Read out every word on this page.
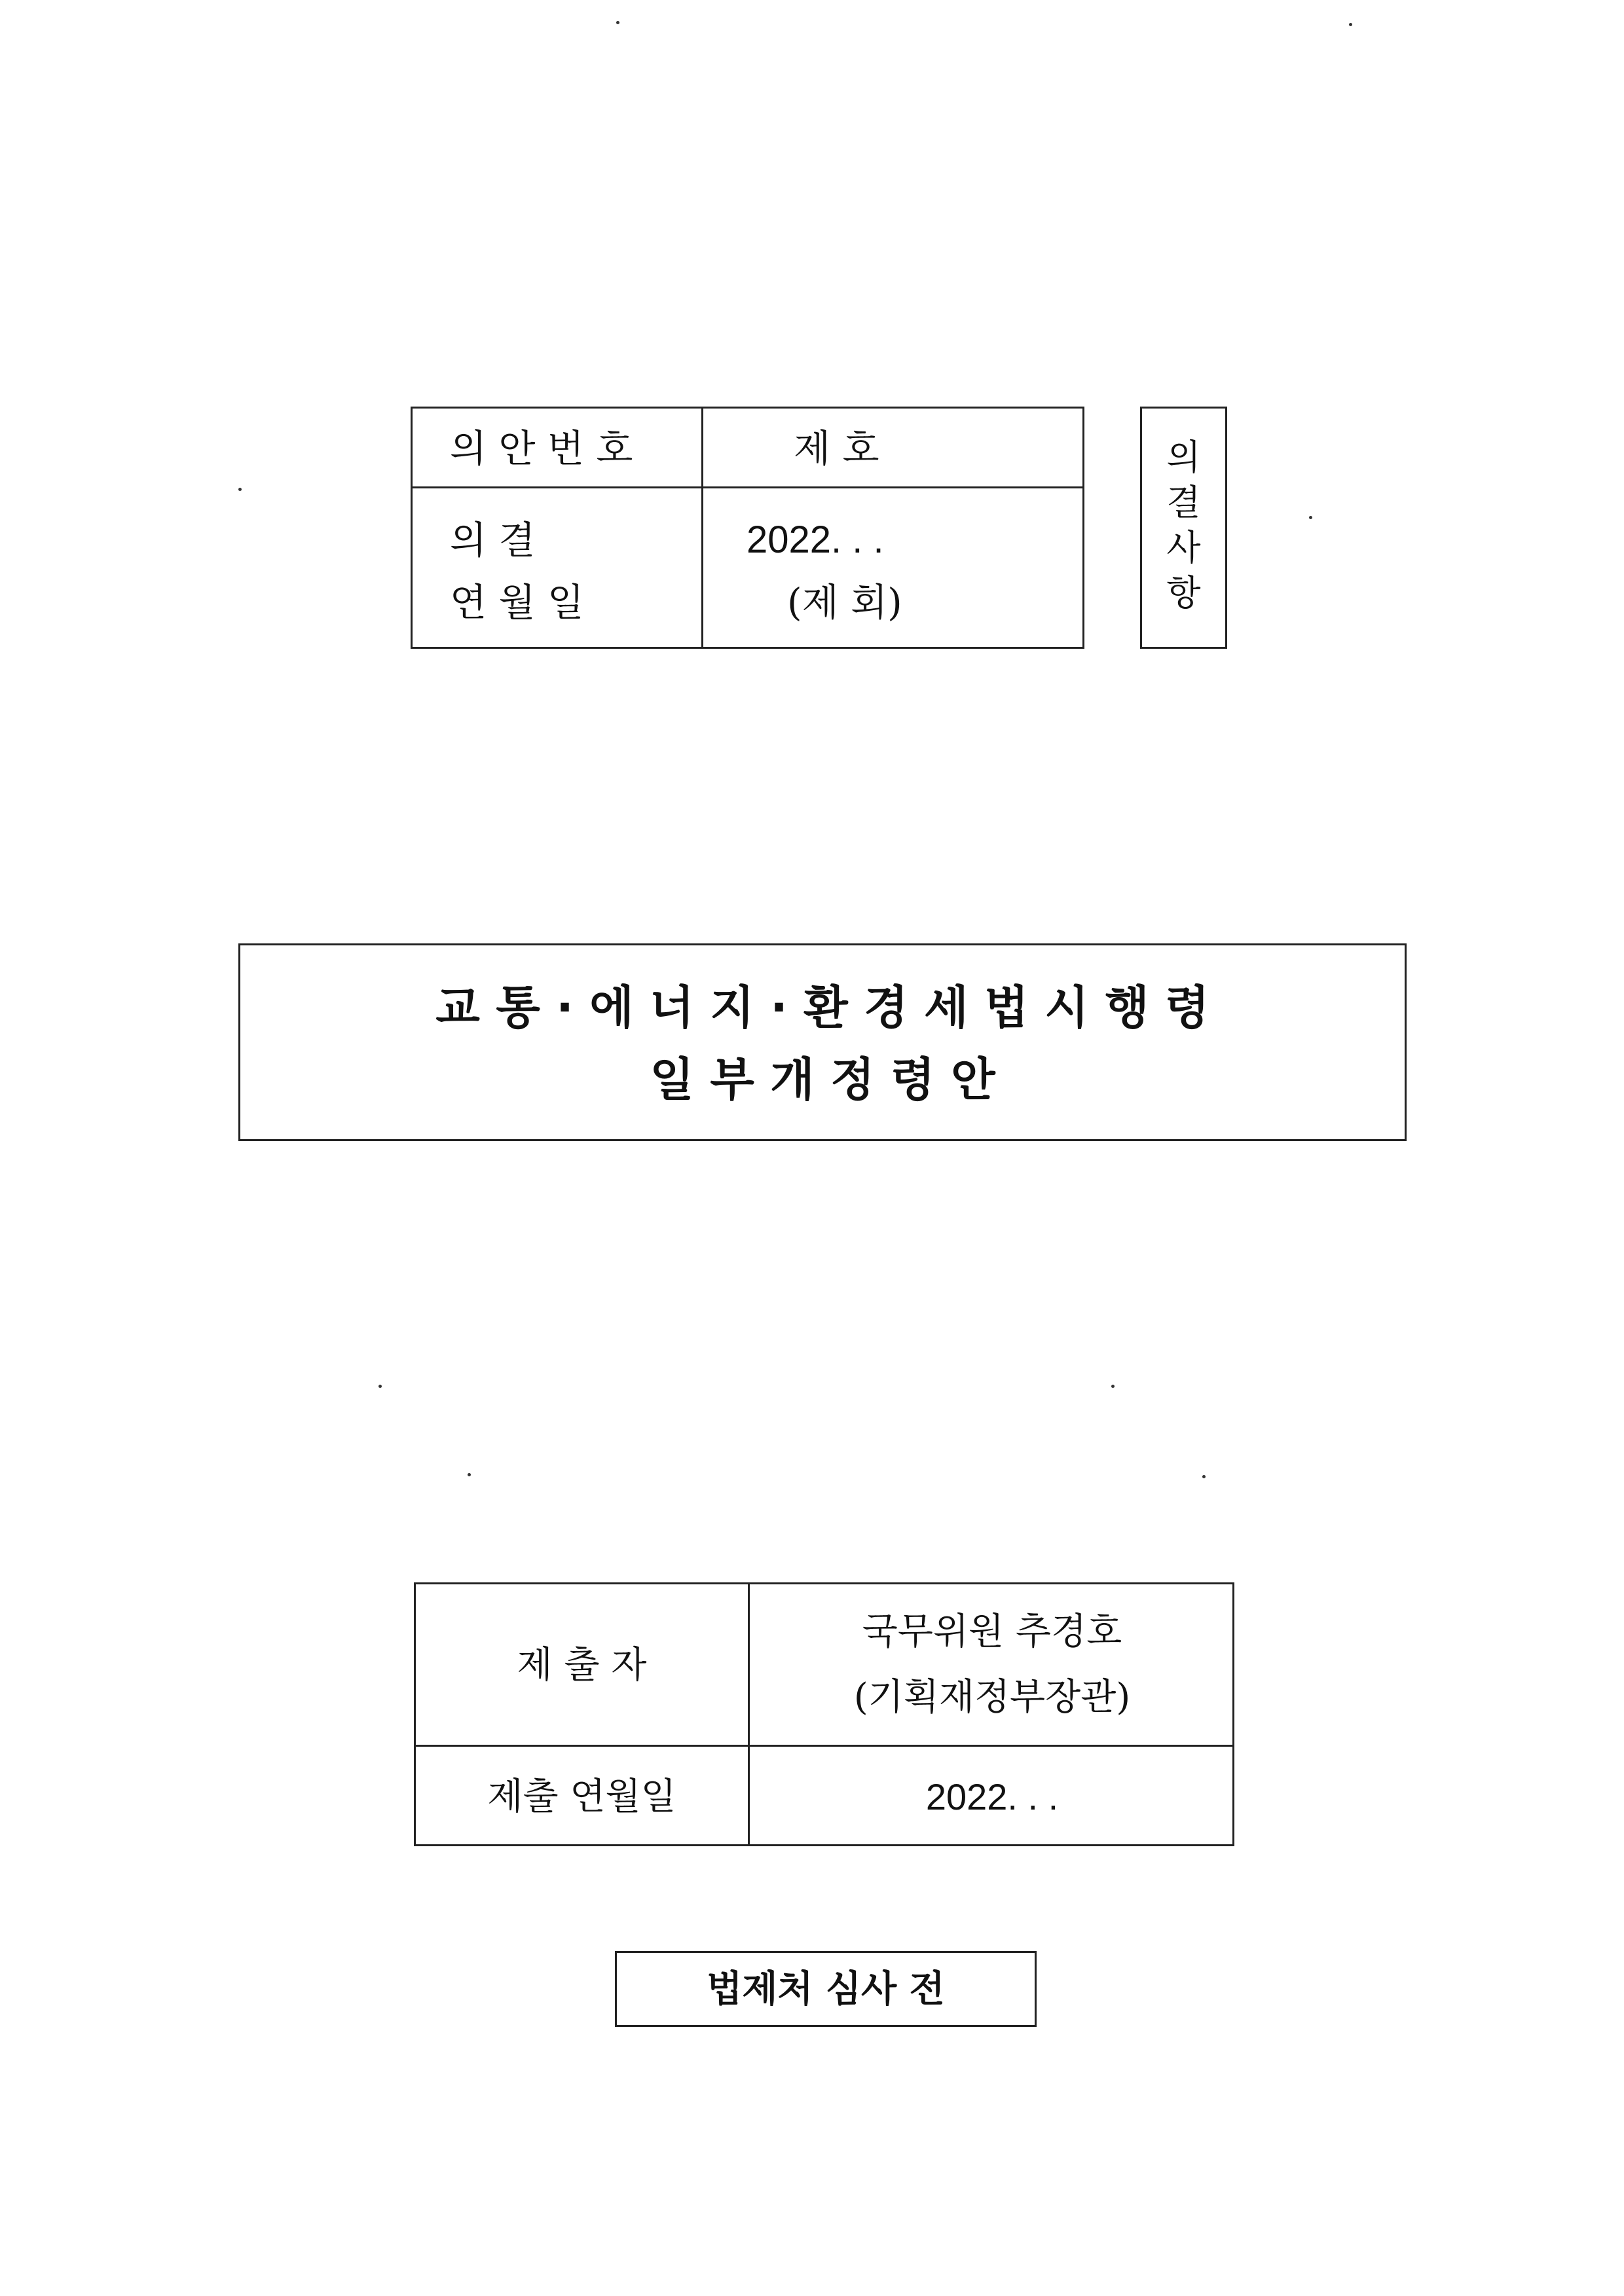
의 안 번 호	제 호
의 결
연 월 일
2022. . .
(제 회)
의
결
사
항
교 통 · 에 너 지 · 환 경 세 법 시 행 령
일 부 개 정 령 안
제 출 자
국무위원 추경호
(기획재정부장관)
제출 연월일	2022. . .
법제처 심사 전
